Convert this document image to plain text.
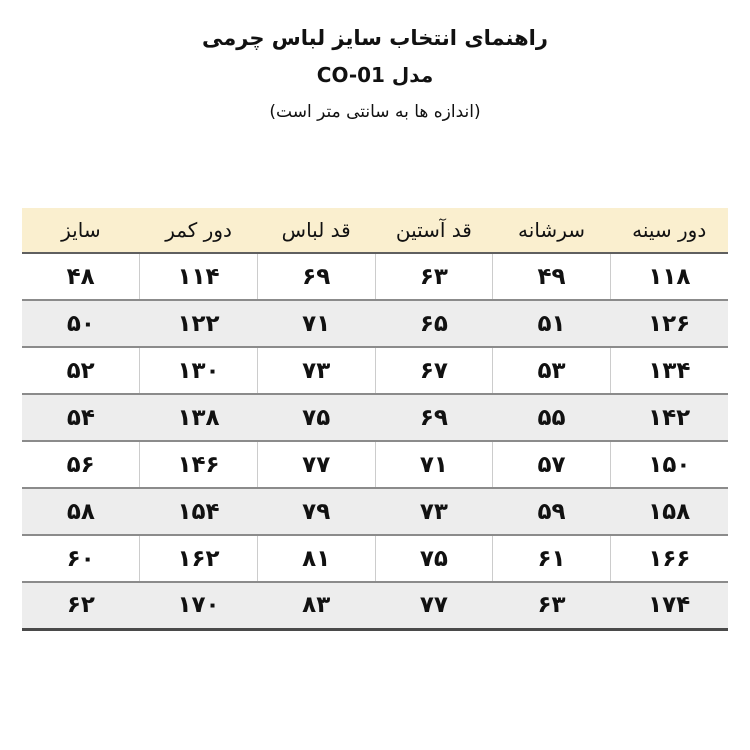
راهنمای انتخاب سایز لباس چرمی
مدل CO-01
(اندازه ها به سانتی متر است)
دور سینه	سرشانه	قد آستین	قد لباس	دور کمر	سایز
۱۱۸	۴۹	۶۳	۶۹	۱۱۴	۴۸
۱۲۶	۵۱	۶۵	۷۱	۱۲۲	۵۰
۱۳۴	۵۳	۶۷	۷۳	۱۳۰	۵۲
۱۴۲	۵۵	۶۹	۷۵	۱۳۸	۵۴
۱۵۰	۵۷	۷۱	۷۷	۱۴۶	۵۶
۱۵۸	۵۹	۷۳	۷۹	۱۵۴	۵۸
۱۶۶	۶۱	۷۵	۸۱	۱۶۲	۶۰
۱۷۴	۶۳	۷۷	۸۳	۱۷۰	۶۲
